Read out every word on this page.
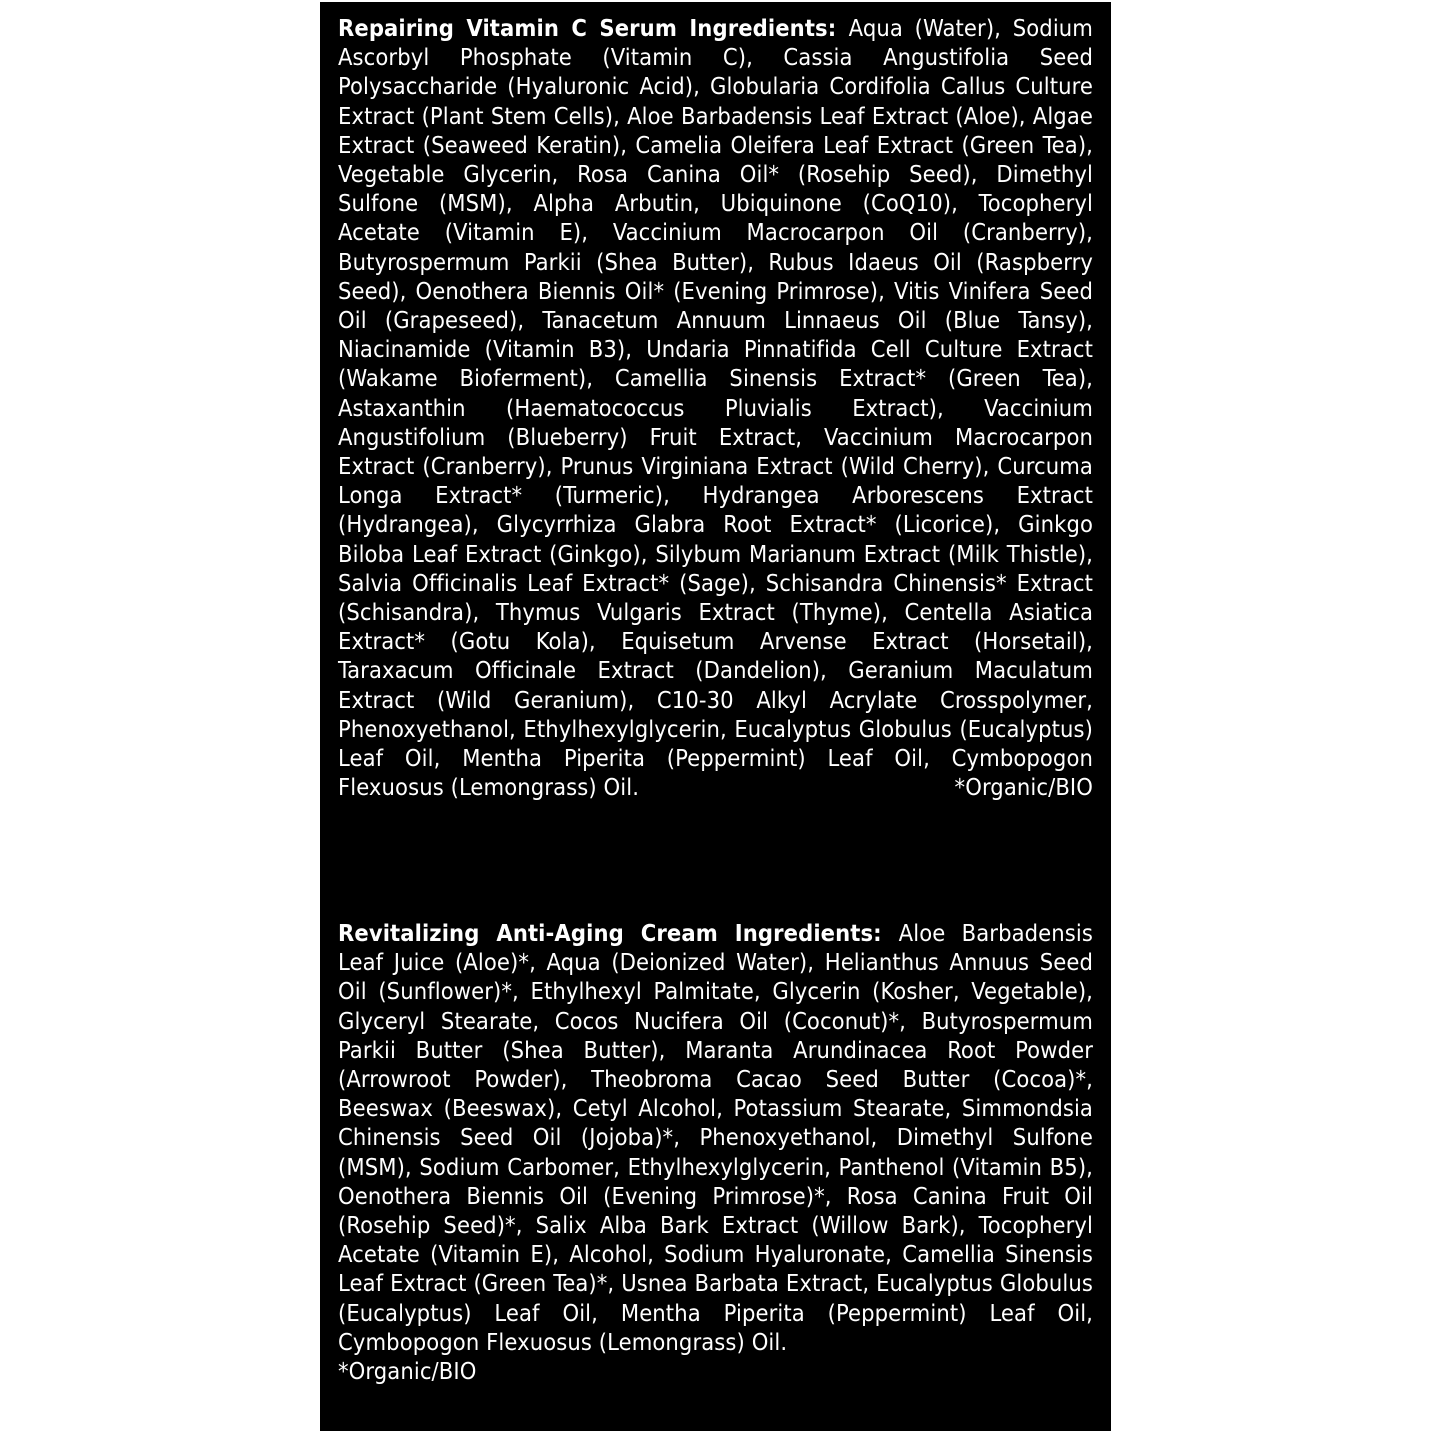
Repairing Vitamin C Serum Ingredients: Aqua (Water), Sodium Ascorbyl Phosphate (Vitamin C), Cassia Angustifolia Seed Polysaccharide (Hyaluronic Acid), Globularia Cordifolia Callus Culture Extract (Plant Stem Cells), Aloe Barbadensis Leaf Extract (Aloe), Algae Extract (Seaweed Keratin), Camelia Oleifera Leaf Extract (Green Tea), Vegetable Glycerin, Rosa Canina Oil* (Rosehip Seed), Dimethyl Sulfone (MSM), Alpha Arbutin, Ubiquinone (CoQ10), Tocopheryl Acetate (Vitamin E), Vaccinium Macrocarpon Oil (Cranberry), Butyrospermum Parkii (Shea Butter), Rubus Idaeus Oil (Raspberry Seed), Oenothera Biennis Oil* (Evening Primrose), Vitis Vinifera Seed Oil (Grapeseed), Tanacetum Annuum Linnaeus Oil (Blue Tansy), Niacinamide (Vitamin B3), Undaria Pinnatifida Cell Culture Extract (Wakame Bioferment), Camellia Sinensis Extract* (Green Tea), Astaxanthin (Haematococcus Pluvialis Extract), Vaccinium Angustifolium (Blueberry) Fruit Extract, Vaccinium Macrocarpon Extract (Cranberry), Prunus Virginiana Extract (Wild Cherry), Curcuma Longa Extract* (Turmeric), Hydrangea Arborescens Extract (Hydrangea), Glycyrrhiza Glabra Root Extract* (Licorice), Ginkgo Biloba Leaf Extract (Ginkgo), Silybum Marianum Extract (Milk Thistle), Salvia Officinalis Leaf Extract* (Sage), Schisandra Chinensis* Extract (Schisandra), Thymus Vulgaris Extract (Thyme), Centella Asiatica Extract* (Gotu Kola), Equisetum Arvense Extract (Horsetail), Taraxacum Officinale Extract (Dandelion), Geranium Maculatum Extract (Wild Geranium), C10-30 Alkyl Acrylate Crosspolymer, Phenoxyethanol, Ethylhexylglycerin, Eucalyptus Globulus (Eucalyptus) Leaf Oil, Mentha Piperita (Peppermint) Leaf Oil, Cymbopogon Flexuosus (Lemongrass) Oil.	*Organic/BIO

Revitalizing Anti-Aging Cream Ingredients: Aloe Barbadensis Leaf Juice (Aloe)*, Aqua (Deionized Water), Helianthus Annuus Seed Oil (Sunflower)*, Ethylhexyl Palmitate, Glycerin (Kosher, Vegetable), Glyceryl Stearate, Cocos Nucifera Oil (Coconut)*, Butyrospermum Parkii Butter (Shea Butter), Maranta Arundinacea Root Powder (Arrowroot Powder), Theobroma Cacao Seed Butter (Cocoa)*, Beeswax (Beeswax), Cetyl Alcohol, Potassium Stearate, Simmondsia Chinensis Seed Oil (Jojoba)*, Phenoxyethanol, Dimethyl Sulfone (MSM), Sodium Carbomer, Ethylhexylglycerin, Panthenol (Vitamin B5), Oenothera Biennis Oil (Evening Primrose)*, Rosa Canina Fruit Oil (Rosehip Seed)*, Salix Alba Bark Extract (Willow Bark), Tocopheryl Acetate (Vitamin E), Alcohol, Sodium Hyaluronate, Camellia Sinensis Leaf Extract (Green Tea)*, Usnea Barbata Extract, Eucalyptus Globulus (Eucalyptus) Leaf Oil, Mentha Piperita (Peppermint) Leaf Oil, Cymbopogon Flexuosus (Lemongrass) Oil.
*Organic/BIO
